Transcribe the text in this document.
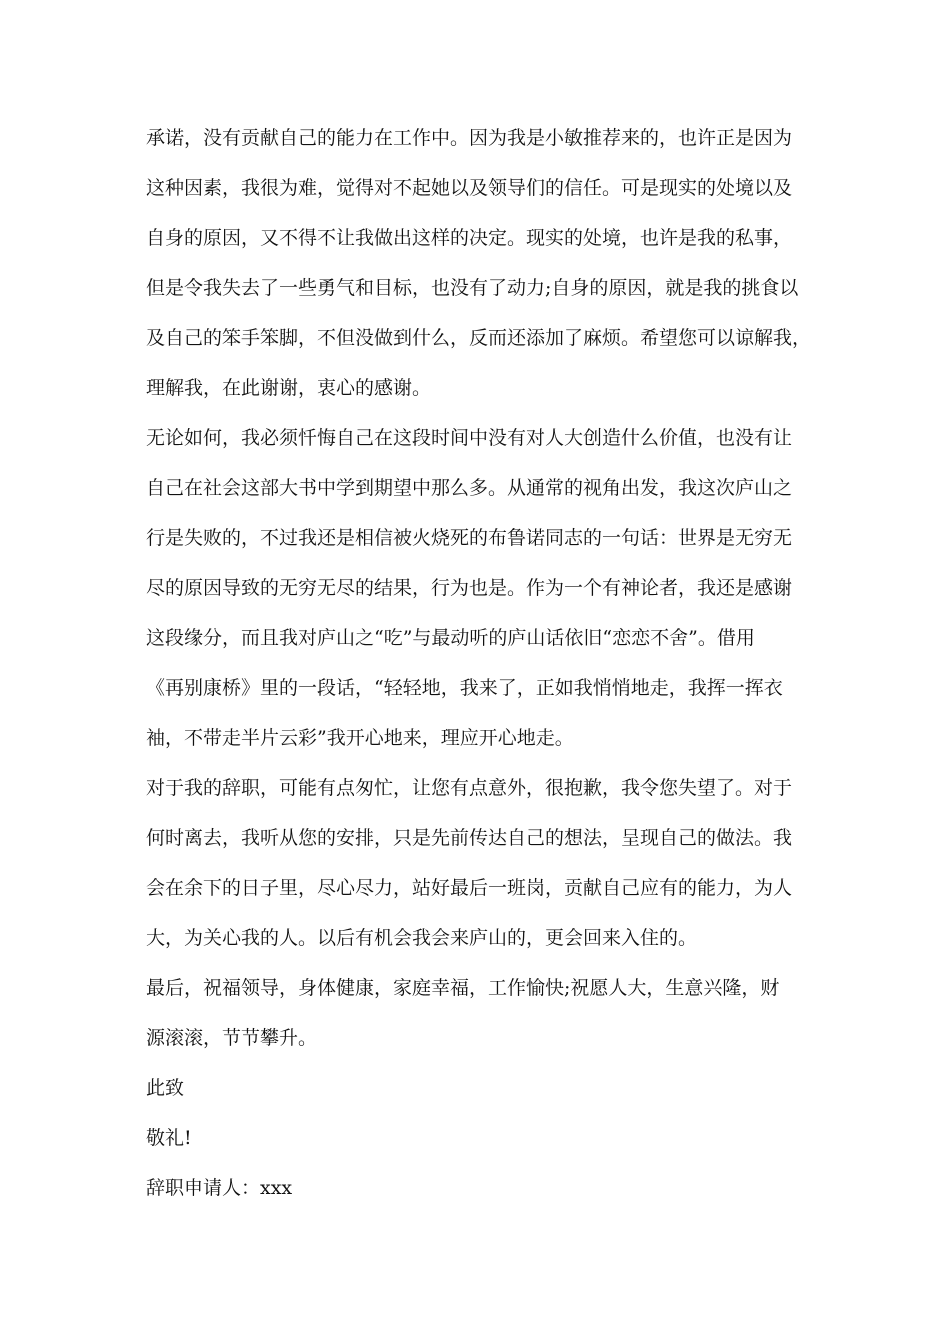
承诺，没有贡献自己的能力在工作中。因为我是小敏推荐来的，也许正是因为

这种因素，我很为难，觉得对不起她以及领导们的信任。可是现实的处境以及

自身的原因，又不得不让我做出这样的决定。现实的处境，也许是我的私事，

但是令我失去了一些勇气和目标，也没有了动力;自身的原因，就是我的挑食以

及自己的笨手笨脚，不但没做到什么，反而还添加了麻烦。希望您可以谅解我，

理解我，在此谢谢，衷心的感谢。

无论如何，我必须忏悔自己在这段时间中没有对人大创造什么价值，也没有让

自己在社会这部大书中学到期望中那么多。从通常的视角出发，我这次庐山之

行是失败的，不过我还是相信被火烧死的布鲁诺同志的一句话：世界是无穷无

尽的原因导致的无穷无尽的结果，行为也是。作为一个有神论者，我还是感谢

这段缘分，而且我对庐山之“吃”与最动听的庐山话依旧“恋恋不舍”。借用

《再别康桥》里的一段话，“轻轻地，我来了，正如我悄悄地走，我挥一挥衣

袖，不带走半片云彩”我开心地来，理应开心地走。

对于我的辞职，可能有点匆忙，让您有点意外，很抱歉，我令您失望了。对于

何时离去，我听从您的安排，只是先前传达自己的想法，呈现自己的做法。我

会在余下的日子里，尽心尽力，站好最后一班岗，贡献自己应有的能力，为人

大，为关心我的人。以后有机会我会来庐山的，更会回来入住的。

最后，祝福领导，身体健康，家庭幸福，工作愉快;祝愿人大，生意兴隆，财

源滚滚，节节攀升。

此致

敬礼!

辞职申请人：xxx
